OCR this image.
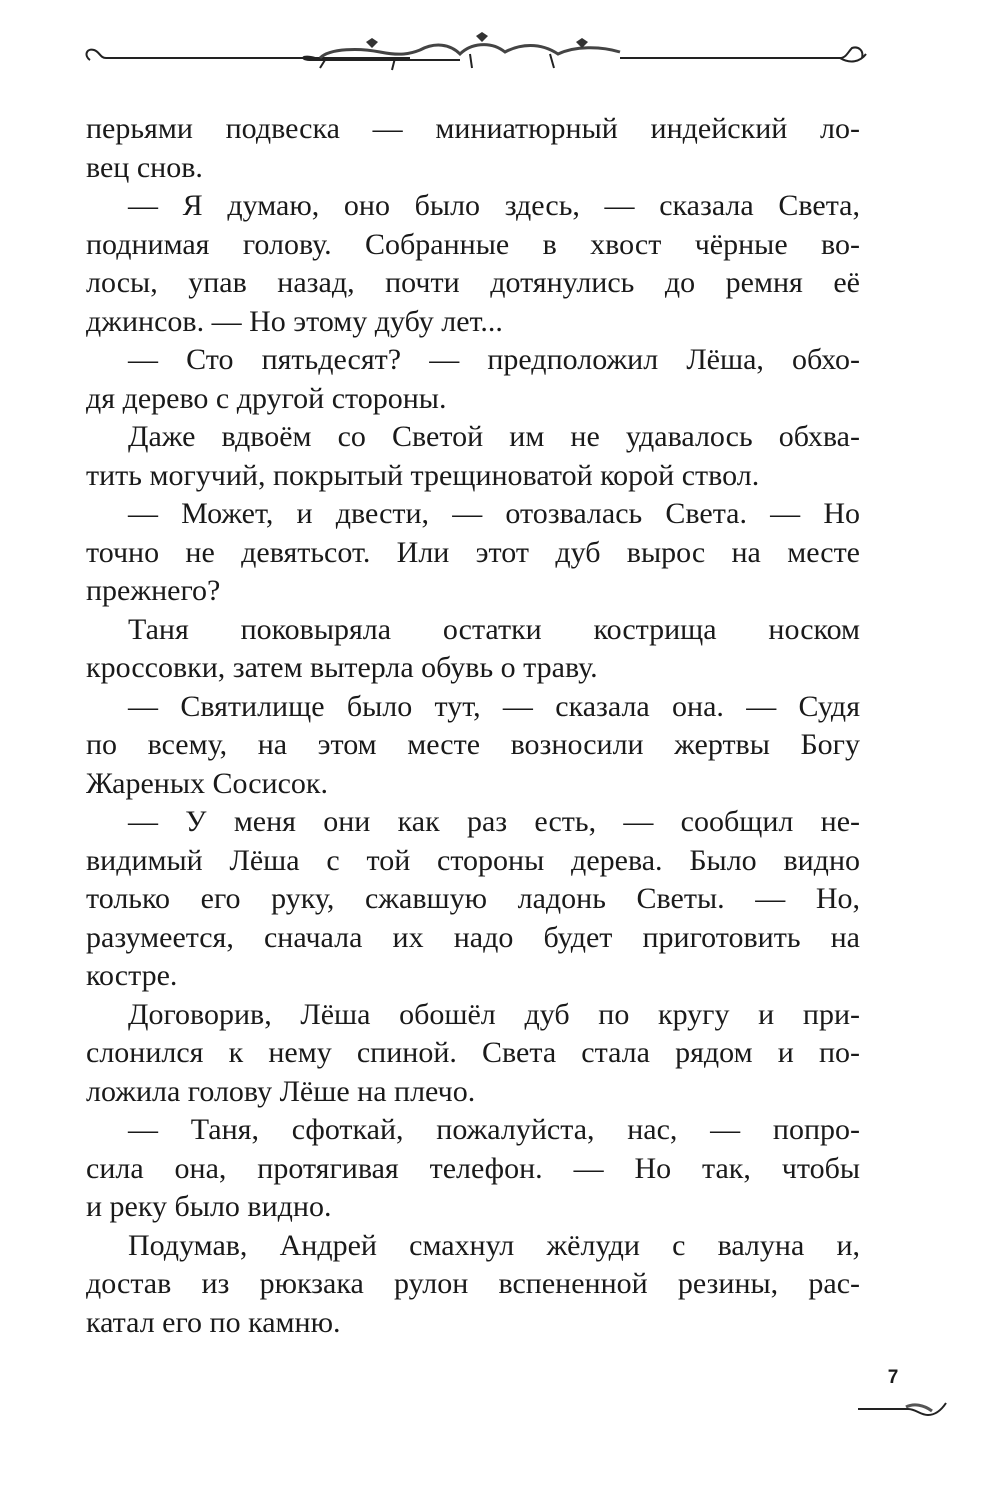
перьями подвеска — миниатюрный индейский ло-
вец снов.

— Я думаю, оно было здесь, — сказала Света,
поднимая голову. Собранные в хвост чёрные во-
лосы, упав назад, почти дотянулись до ремня её
джинсов. — Но этому дубу лет...

— Сто пятьдесят? — предположил Лёша, обхо-
дя дерево с другой стороны.

Даже вдвоём со Светой им не удавалось обхва-
тить могучий, покрытый трещиноватой корой ствол.

— Может, и двести, — отозвалась Света. — Но
точно не девятьсот. Или этот дуб вырос на месте
прежнего?

Таня поковыряла остатки кострища носком
кроссовки, затем вытерла обувь о траву.

— Святилище было тут, — сказала она. — Судя
по всему, на этом месте возносили жертвы Богу
Жареных Сосисок.

— У меня они как раз есть, — сообщил не-
видимый Лёша с той стороны дерева. Было видно
только его руку, сжавшую ладонь Светы. — Но,
разумеется, сначала их надо будет приготовить на
костре.

Договорив, Лёша обошёл дуб по кругу и при-
слонился к нему спиной. Света стала рядом и по-
ложила голову Лёше на плечо.

— Таня, сфоткай, пожалуйста, нас, — попро-
сила она, протягивая телефон. — Но так, чтобы
и реку было видно.

Подумав, Андрей смахнул жёлуди с валуна и,
достав из рюкзака рулон вспененной резины, рас-
катал его по камню.

7
